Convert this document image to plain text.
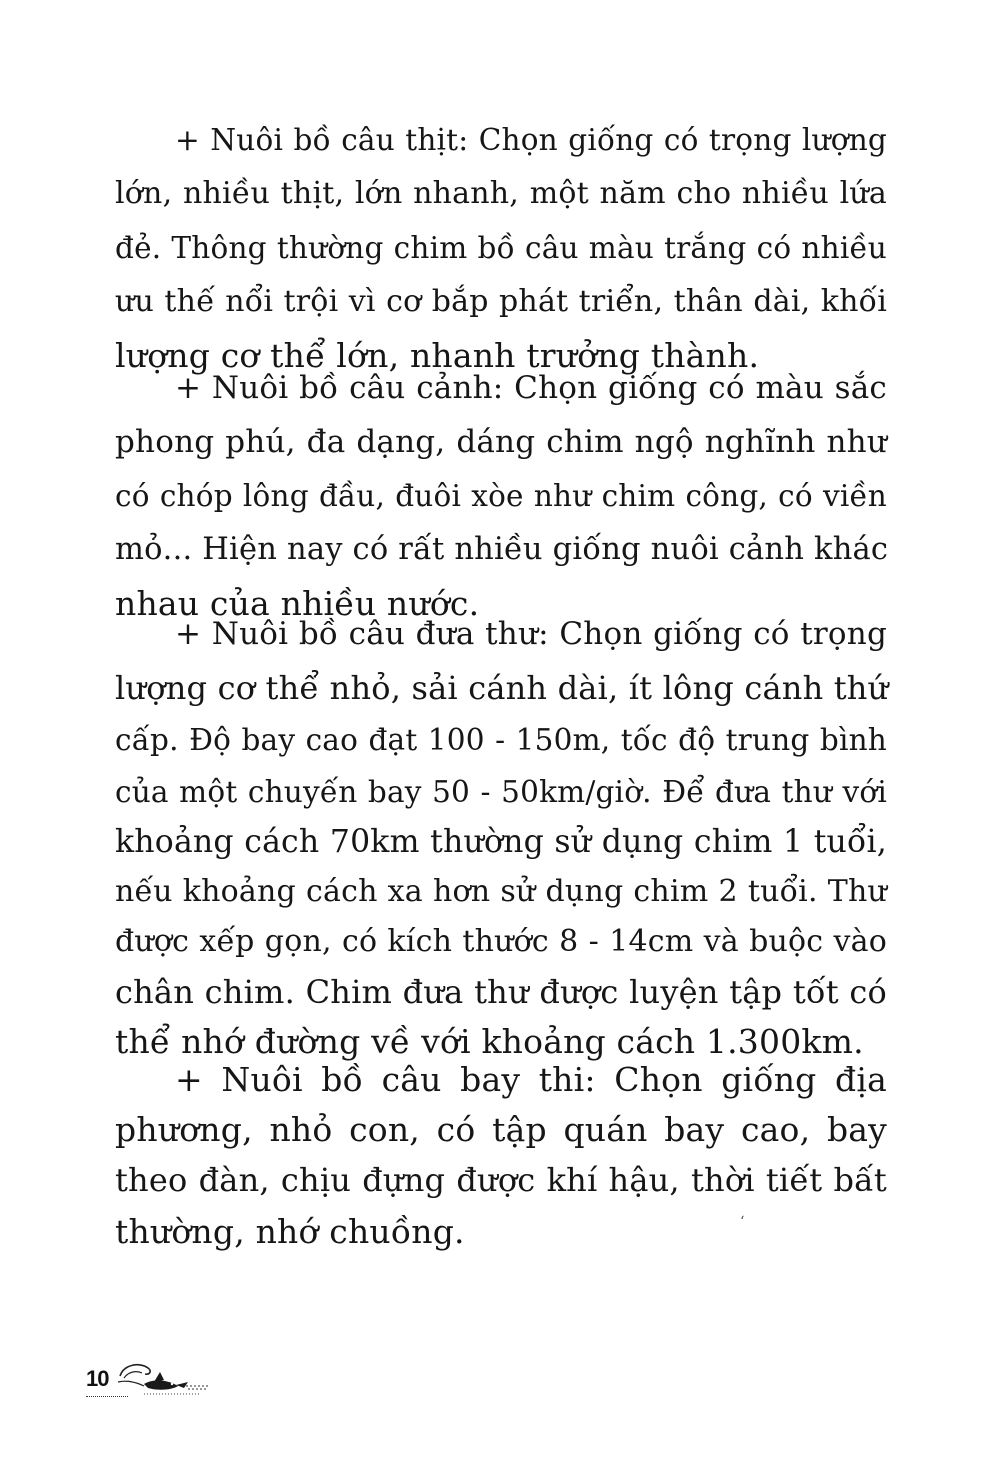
+ Nuôi bồ câu thịt: Chọn giống có trọng lượng
lớn, nhiều thịt, lớn nhanh, một năm cho nhiều lứa
đẻ. Thông thường chim bồ câu màu trắng có nhiều
ưu thế nổi trội vì cơ bắp phát triển, thân dài, khối
lượng cơ thể lớn, nhanh trưởng thành.
+ Nuôi bồ câu cảnh: Chọn giống có màu sắc
phong phú, đa dạng, dáng chim ngộ nghĩnh như
có chóp lông đầu, đuôi xòe như chim công, có viền
mỏ... Hiện nay có rất nhiều giống nuôi cảnh khác
nhau của nhiều nước.
+ Nuôi bồ câu đưa thư: Chọn giống có trọng
lượng cơ thể nhỏ, sải cánh dài, ít lông cánh thứ
cấp. Độ bay cao đạt 100 - 150m, tốc độ trung bình
của một chuyến bay 50 - 50km/giờ. Để đưa thư với
khoảng cách 70km thường sử dụng chim 1 tuổi,
nếu khoảng cách xa hơn sử dụng chim 2 tuổi. Thư
được xếp gọn, có kích thước 8 - 14cm và buộc vào
chân chim. Chim đưa thư được luyện tập tốt có
thể nhớ đường về với khoảng cách 1.300km.
+ Nuôi bồ câu bay thi: Chọn giống địa
phương, nhỏ con, có tập quán bay cao, bay
theo đàn, chịu đựng được khí hậu, thời tiết bất
thường, nhớ chuồng.	‘
10
